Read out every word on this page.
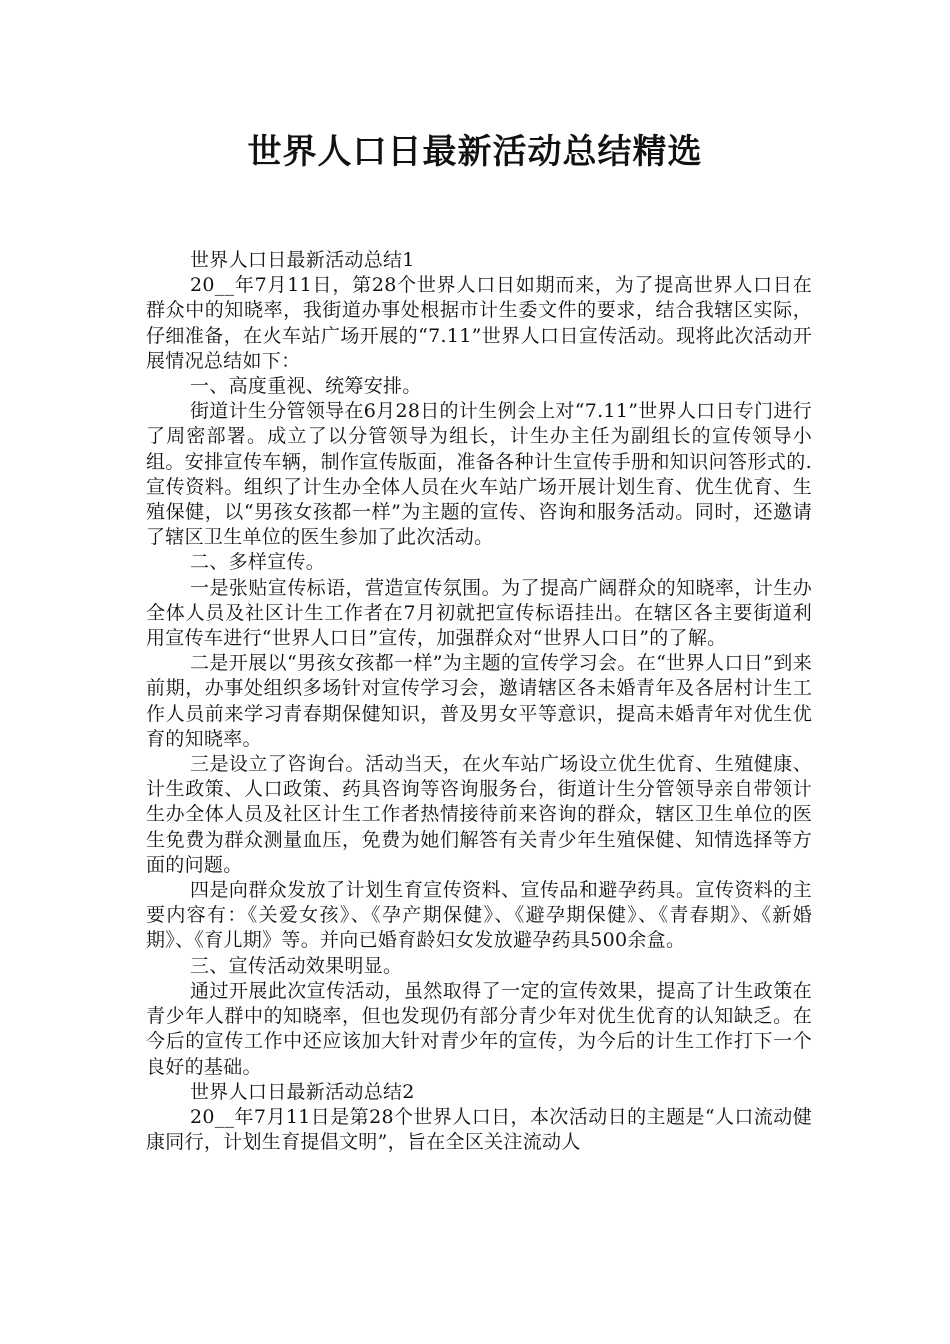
世界人口日最新活动总结精选

世界人口日最新活动总结1

20__年7月11日，第28个世界人口日如期而来，为了提高世界人口日在群众中的知晓率，我街道办事处根据市计生委文件的要求，结合我辖区实际，仔细准备，在火车站广场开展的“7.11”世界人口日宣传活动。现将此次活动开展情况总结如下：

一、高度重视、统筹安排。

街道计生分管领导在6月28日的计生例会上对“7.11”世界人口日专门进行了周密部署。成立了以分管领导为组长，计生办主任为副组长的宣传领导小组。安排宣传车辆，制作宣传版面，准备各种计生宣传手册和知识问答形式的.宣传资料。组织了计生办全体人员在火车站广场开展计划生育、优生优育、生殖保健，以“男孩女孩都一样”为主题的宣传、咨询和服务活动。同时，还邀请了辖区卫生单位的医生参加了此次活动。

二、多样宣传。

一是张贴宣传标语，营造宣传氛围。为了提高广阔群众的知晓率，计生办全体人员及社区计生工作者在7月初就把宣传标语挂出。在辖区各主要街道利用宣传车进行“世界人口日”宣传，加强群众对“世界人口日”的了解。

二是开展以“男孩女孩都一样”为主题的宣传学习会。在“世界人口日”到来前期，办事处组织多场针对宣传学习会，邀请辖区各未婚青年及各居村计生工作人员前来学习青春期保健知识，普及男女平等意识，提高未婚青年对优生优育的知晓率。

三是设立了咨询台。活动当天，在火车站广场设立优生优育、生殖健康、计生政策、人口政策、药具咨询等咨询服务台，街道计生分管领导亲自带领计生办全体人员及社区计生工作者热情接待前来咨询的群众，辖区卫生单位的医生免费为群众测量血压，免费为她们解答有关青少年生殖保健、知情选择等方面的问题。

四是向群众发放了计划生育宣传资料、宣传品和避孕药具。宣传资料的主要内容有：《关爱女孩》、《孕产期保健》、《避孕期保健》、《青春期》、《新婚期》、《育儿期》等。并向已婚育龄妇女发放避孕药具500余盒。

三、宣传活动效果明显。

通过开展此次宣传活动，虽然取得了一定的宣传效果，提高了计生政策在青少年人群中的知晓率，但也发现仍有部分青少年对优生优育的认知缺乏。在今后的宣传工作中还应该加大针对青少年的宣传，为今后的计生工作打下一个良好的基础。

世界人口日最新活动总结2

20__年7月11日是第28个世界人口日，本次活动日的主题是“人口流动健康同行，计划生育提倡文明”，旨在全区关注流动人
